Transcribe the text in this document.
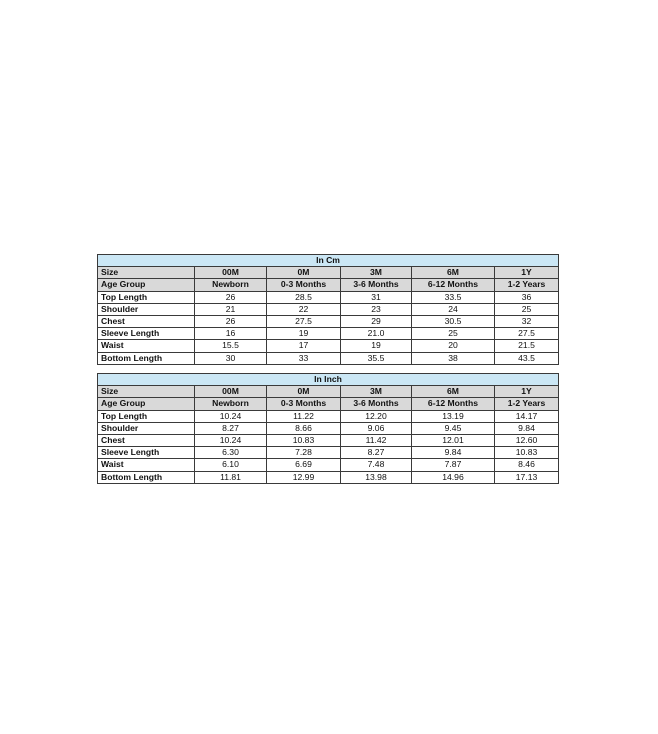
In Cm					
Size	00M	0M	3M	6M	1Y
Age Group	Newborn	0-3 Months	3-6 Months	6-12 Months	1-2 Years
Top Length	26	28.5	31	33.5	36
Shoulder	21	22	23	24	25
Chest	26	27.5	29	30.5	32
Sleeve Length	16	19	21.0	25	27.5
Waist	15.5	17	19	20	21.5
Bottom Length	30	33	35.5	38	43.5
In Inch					
Size	00M	0M	3M	6M	1Y
Age Group	Newborn	0-3 Months	3-6 Months	6-12 Months	1-2 Years
Top Length	10.24	11.22	12.20	13.19	14.17
Shoulder	8.27	8.66	9.06	9.45	9.84
Chest	10.24	10.83	11.42	12.01	12.60
Sleeve Length	6.30	7.28	8.27	9.84	10.83
Waist	6.10	6.69	7.48	7.87	8.46
Bottom Length	11.81	12.99	13.98	14.96	17.13
